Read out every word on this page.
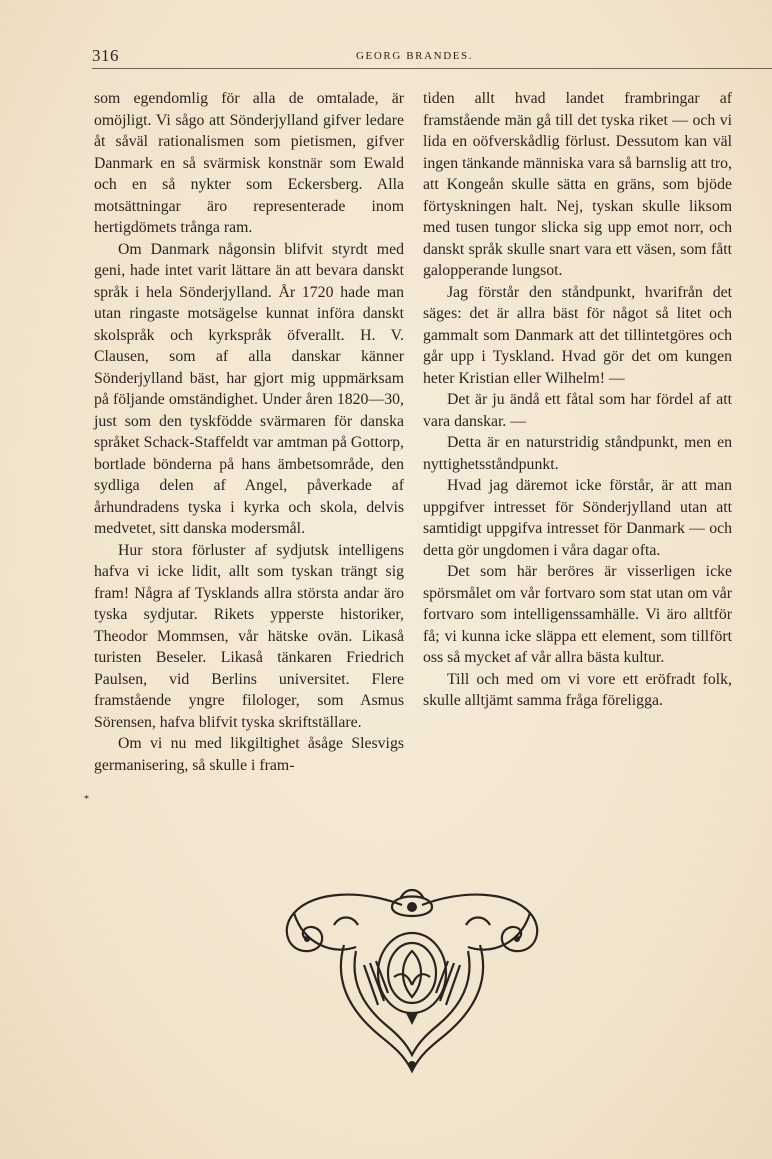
316	GEORG BRANDES.

som egendomlig för alla de omtalade, är omöjligt. Vi sågo att Sönderjylland gifver ledare åt såväl rationalismen som pietismen, gifver Danmark en så svärmisk konstnär som Ewald och en så nykter som Eckersberg. Alla motsättningar äro representerade inom hertigdömets trånga ram.

Om Danmark någonsin blifvit styrdt med geni, hade intet varit lättare än att bevara danskt språk i hela Sönderjylland. År 1720 hade man utan ringaste motsägelse kunnat införa danskt skolspråk och kyrkspråk öfverallt. H. V. Clausen, som af alla danskar känner Sönderjylland bäst, har gjort mig uppmärksam på följande omständighet. Under åren 1820—30, just som den tyskfödde svärmaren för danska språket Schack-Staffeldt var amtman på Gottorp, bortlade bönderna på hans ämbetsområde, den sydliga delen af Angel, påverkade af århundradens tyska i kyrka och skola, delvis medvetet, sitt danska modersmål.

Hur stora förluster af sydjutsk intelligens hafva vi icke lidit, allt som tyskan trängt sig fram! Några af Tysklands allra största andar äro tyska sydjutar. Rikets ypperste historiker, Theodor Mommsen, vår hätske ovän. Likaså turisten Beseler. Likaså tänkaren Friedrich Paulsen, vid Berlins universitet. Flere framstående yngre filologer, som Asmus Sörensen, hafva blifvit tyska skriftställare.

Om vi nu med likgiltighet åsåge Slesvigs germanisering, så skulle i fram-

tiden allt hvad landet frambringar af framstående män gå till det tyska riket — och vi lida en oöfverskådlig förlust. Dessutom kan väl ingen tänkande människa vara så barnslig att tro, att Kongeån skulle sätta en gräns, som bjöde förtyskningen halt. Nej, tyskan skulle liksom med tusen tungor slicka sig upp emot norr, och danskt språk skulle snart vara ett väsen, som fått galopperande lungsot.

Jag förstår den ståndpunkt, hvarifrån det säges: det är allra bäst för något så litet och gammalt som Danmark att det tillintetgöres och går upp i Tyskland. Hvad gör det om kungen heter Kristian eller Wilhelm! —

Det är ju ändå ett fåtal som har fördel af att vara danskar. —

Detta är en naturstridig ståndpunkt, men en nyttighetsståndpunkt.

Hvad jag däremot icke förstår, är att man uppgifver intresset för Sönderjylland utan att samtidigt uppgifva intresset för Danmark — och detta gör ungdomen i våra dagar ofta.

Det som här beröres är visserligen icke spörsmålet om vår fortvaro som stat utan om vår fortvaro som intelligenssamhälle. Vi äro alltför få; vi kunna icke släppa ett element, som tillfört oss så mycket af vår allra bästa kultur.

Till och med om vi vore ett eröfradt folk, skulle alltjämt samma fråga föreligga.

*
